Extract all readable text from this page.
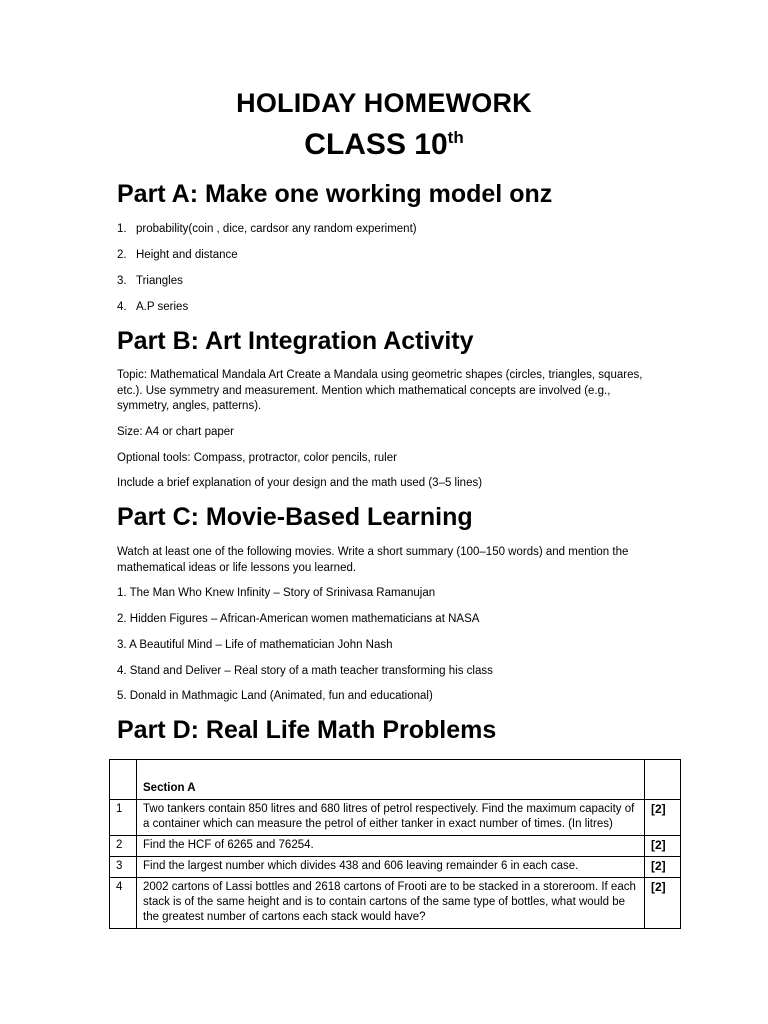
HOLIDAY HOMEWORK
CLASS 10th
Part A: Make one working model onz
1. probability(coin , dice, cardsor any random experiment)
2. Height and distance
3. Triangles
4. A.P series
Part B: Art Integration Activity
Topic: Mathematical Mandala Art Create a Mandala using geometric shapes (circles, triangles, squares, etc.). Use symmetry and measurement. Mention which mathematical concepts are involved (e.g., symmetry, angles, patterns).
Size: A4 or chart paper
Optional tools: Compass, protractor, color pencils, ruler
Include a brief explanation of your design and the math used (3–5 lines)
Part C: Movie-Based Learning
Watch at least one of the following movies. Write a short summary (100–150 words) and mention the mathematical ideas or life lessons you learned.
1. The Man Who Knew Infinity – Story of Srinivasa Ramanujan
2. Hidden Figures – African-American women mathematicians at NASA
3. A Beautiful Mind – Life of mathematician John Nash
4. Stand and Deliver – Real story of a math teacher transforming his class
5. Donald in Mathmagic Land (Animated, fun and educational)
Part D: Real Life Math Problems
	Section A	
1	Two tankers contain 850 litres and 680 litres of petrol respectively. Find the maximum capacity of a container which can measure the petrol of either tanker in exact number of times. (In litres)	[2]
2	Find the HCF of 6265 and 76254.	[2]
3	Find the largest number which divides 438 and 606 leaving remainder 6 in each case.	[2]
4	2002 cartons of Lassi bottles and 2618 cartons of Frooti are to be stacked in a storeroom. If each stack is of the same height and is to contain cartons of the same type of bottles, what would be the greatest number of cartons each stack would have?	[2]
